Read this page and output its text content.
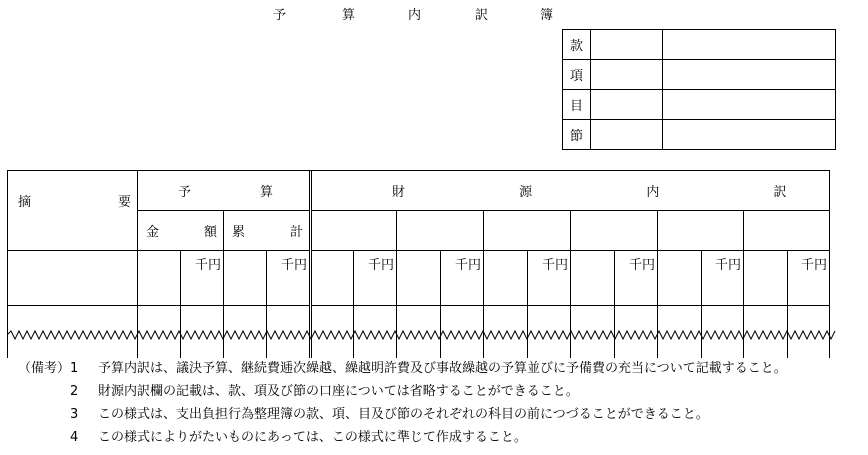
予	算	内	訳	簿
款		
項		
目		
節		
摘 要	予 算					財 源 内 訳											
	金 額		累 計														

		千円		千円			千円		千円		千円		千円		千円		千円

（備考） 1 予算内訳は、議決予算、継続費逓次繰越、繰越明許費及び事故繰越の予算並びに予備費の充当について記載すること。
2 財源内訳欄の記載は、款、項及び節の口座については省略することができること。
3 この様式は、支出負担行為整理簿の款、項、目及び節のそれぞれの科目の前につづることができること。
4 この様式によりがたいものにあっては、この様式に準じて作成すること。
